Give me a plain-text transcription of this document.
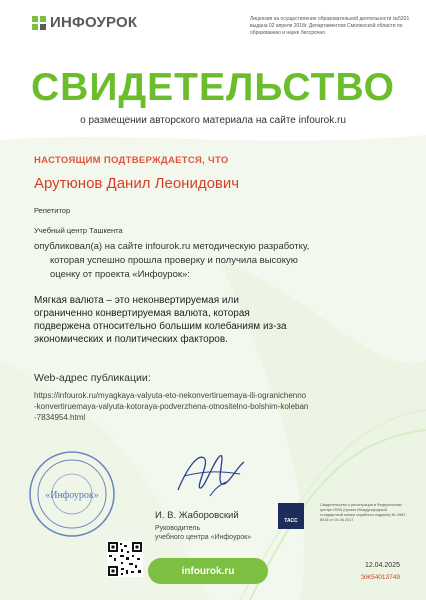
ИНФОУРОК	Лицензия на осуществление образовательной деятельности №5201 выдана 02 апреля 2018г. Департаментом Смоленской области по образованию и науке бессрочно
СВИДЕТЕЛЬСТВО
о размещении авторского материала на сайте infourok.ru
НАСТОЯЩИМ ПОДТВЕРЖДАЕТСЯ, ЧТО
Арутюнов Данил Леонидович
Репетитор
Учебный центр Ташкента
опубликовал(а) на сайте infourok.ru методическую разработку,
которая успешно прошла проверку и получила высокую
оценку от проекта «Инфоурок»:
Мягкая валюта – это неконвертируемая или
ограниченно конвертируемая валюта, которая
подвержена относительно большим колебаниям из-за
экономических и политических факторов.
Web-адрес публикации:
https://infourok.ru/myagkaya-valyuta-eto-nekonvertiruemaya-ili-ogranichenno
-konvertiruemaya-valyuta-kotoraya-podverzhena-otnositelno-bolshim-koleban
-7834954.html
«Инфоурок»
И. В. Жаборовский
Руководитель
учебного центра «Инфоурок»
ТАСС
Свидетельство о регистрации в Федеральном центре ISSN (проект Международный стандартный номер серийного издания) № 2587-8018 от 01.06.2017
infourok.ru	12.04.2025
ЭЖ54013749
